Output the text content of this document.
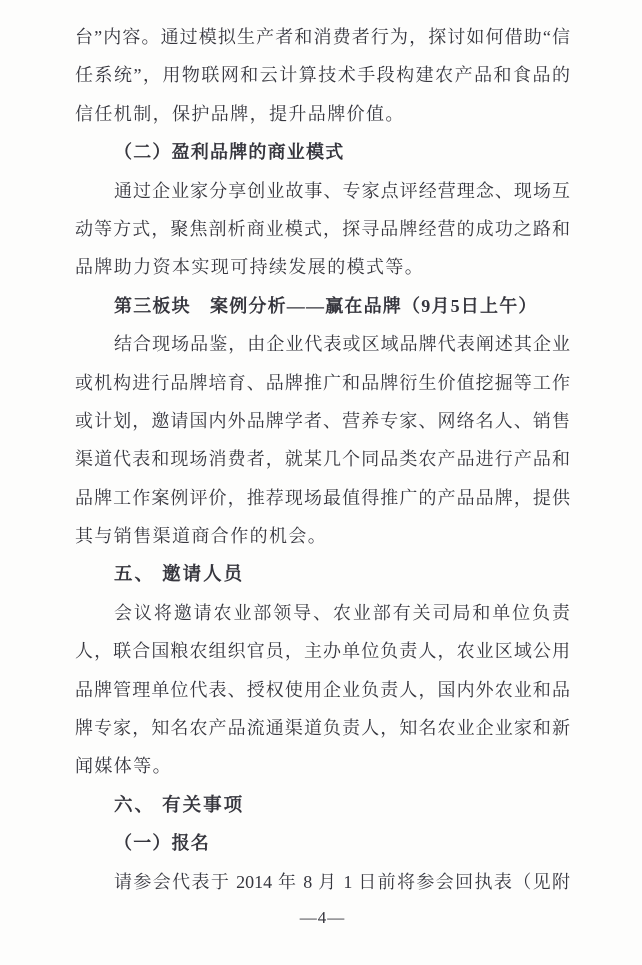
台”内容。通过模拟生产者和消费者行为，探讨如何借助“信

任系统”，用物联网和云计算技术手段构建农产品和食品的

信任机制，保护品牌，提升品牌价值。

（二）盈利品牌的商业模式

通过企业家分享创业故事、专家点评经营理念、现场互

动等方式，聚焦剖析商业模式，探寻品牌经营的成功之路和

品牌助力资本实现可持续发展的模式等。

第三板块　案例分析——赢在品牌（9月5日上午）

结合现场品鉴，由企业代表或区域品牌代表阐述其企业

或机构进行品牌培育、品牌推广和品牌衍生价值挖掘等工作

或计划，邀请国内外品牌学者、营养专家、网络名人、销售

渠道代表和现场消费者，就某几个同品类农产品进行产品和

品牌工作案例评价，推荐现场最值得推广的产品品牌，提供

其与销售渠道商合作的机会。

五、 邀请人员

会议将邀请农业部领导、农业部有关司局和单位负责

人，联合国粮农组织官员，主办单位负责人，农业区域公用

品牌管理单位代表、授权使用企业负责人，国内外农业和品

牌专家，知名农产品流通渠道负责人，知名农业企业家和新

闻媒体等。

六、 有关事项

（一）报名

请参会代表于 2014 年 8 月 1 日前将参会回执表（见附

—4—
